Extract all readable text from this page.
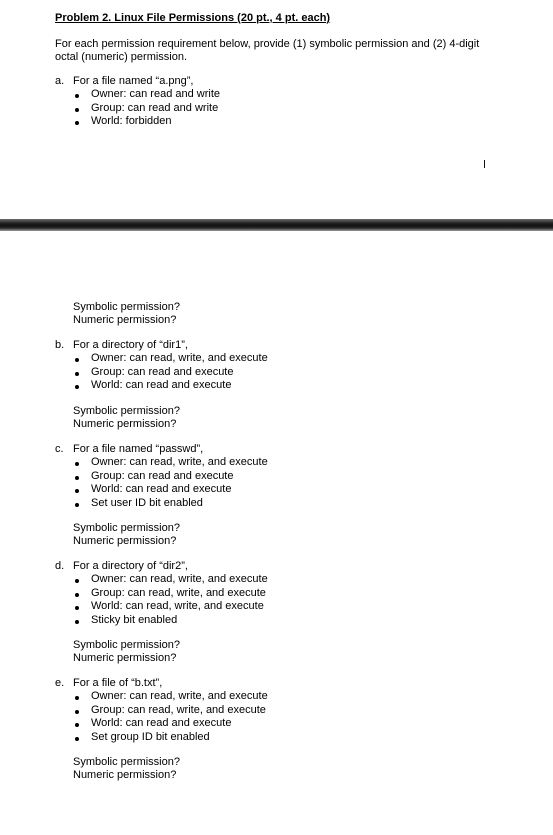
Problem 2. Linux File Permissions (20 pt., 4 pt. each)
For each permission requirement below, provide (1) symbolic permission and (2) 4-digit
octal (numeric) permission.
a. For a file named “a.png”,
Owner: can read and write
Group: can read and write
World: forbidden
Symbolic permission?
Numeric permission?
b. For a directory of “dir1”,
Owner: can read, write, and execute
Group: can read and execute
World: can read and execute
Symbolic permission?
Numeric permission?
c. For a file named “passwd”,
Owner: can read, write, and execute
Group: can read and execute
World: can read and execute
Set user ID bit enabled
Symbolic permission?
Numeric permission?
d. For a directory of “dir2”,
Owner: can read, write, and execute
Group: can read, write, and execute
World: can read, write, and execute
Sticky bit enabled
Symbolic permission?
Numeric permission?
e. For a file of “b.txt”,
Owner: can read, write, and execute
Group: can read, write, and execute
World: can read and execute
Set group ID bit enabled
Symbolic permission?
Numeric permission?
